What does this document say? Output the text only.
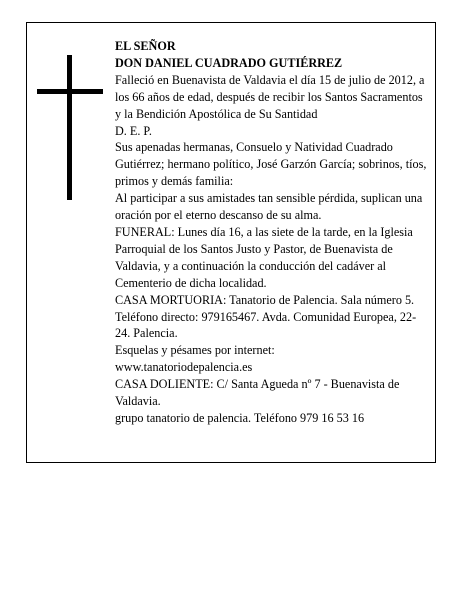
EL SEÑOR

DON DANIEL CUADRADO GUTIÉRREZ

Falleció en Buenavista de Valdavia el día 15 de julio de 2012, a los 66 años de edad, después de recibir los Santos Sacramentos y la Bendición Apostólica de Su Santidad

D. E. P.

Sus apenadas hermanas, Consuelo y Natividad Cuadrado Gutiérrez; hermano político, José Garzón García; sobrinos, tíos, primos y demás familia:

Al participar a sus amistades tan sensible pérdida, suplican una oración por el eterno descanso de su alma.

FUNERAL: Lunes día 16, a las siete de la tarde, en la Iglesia Parroquial de los Santos Justo y Pastor, de Buenavista de Valdavia, y a continuación la conducción del cadáver al Cementerio de dicha localidad.

CASA MORTUORIA: Tanatorio de Palencia. Sala número 5. Teléfono directo: 979165467. Avda. Comunidad Europea, 22-24. Palencia.

Esquelas y pésames por internet:

www.tanatoriodepalencia.es

CASA DOLIENTE: C/ Santa Agueda nº 7 - Buenavista de Valdavia.

grupo tanatorio de palencia. Teléfono 979 16 53 16
